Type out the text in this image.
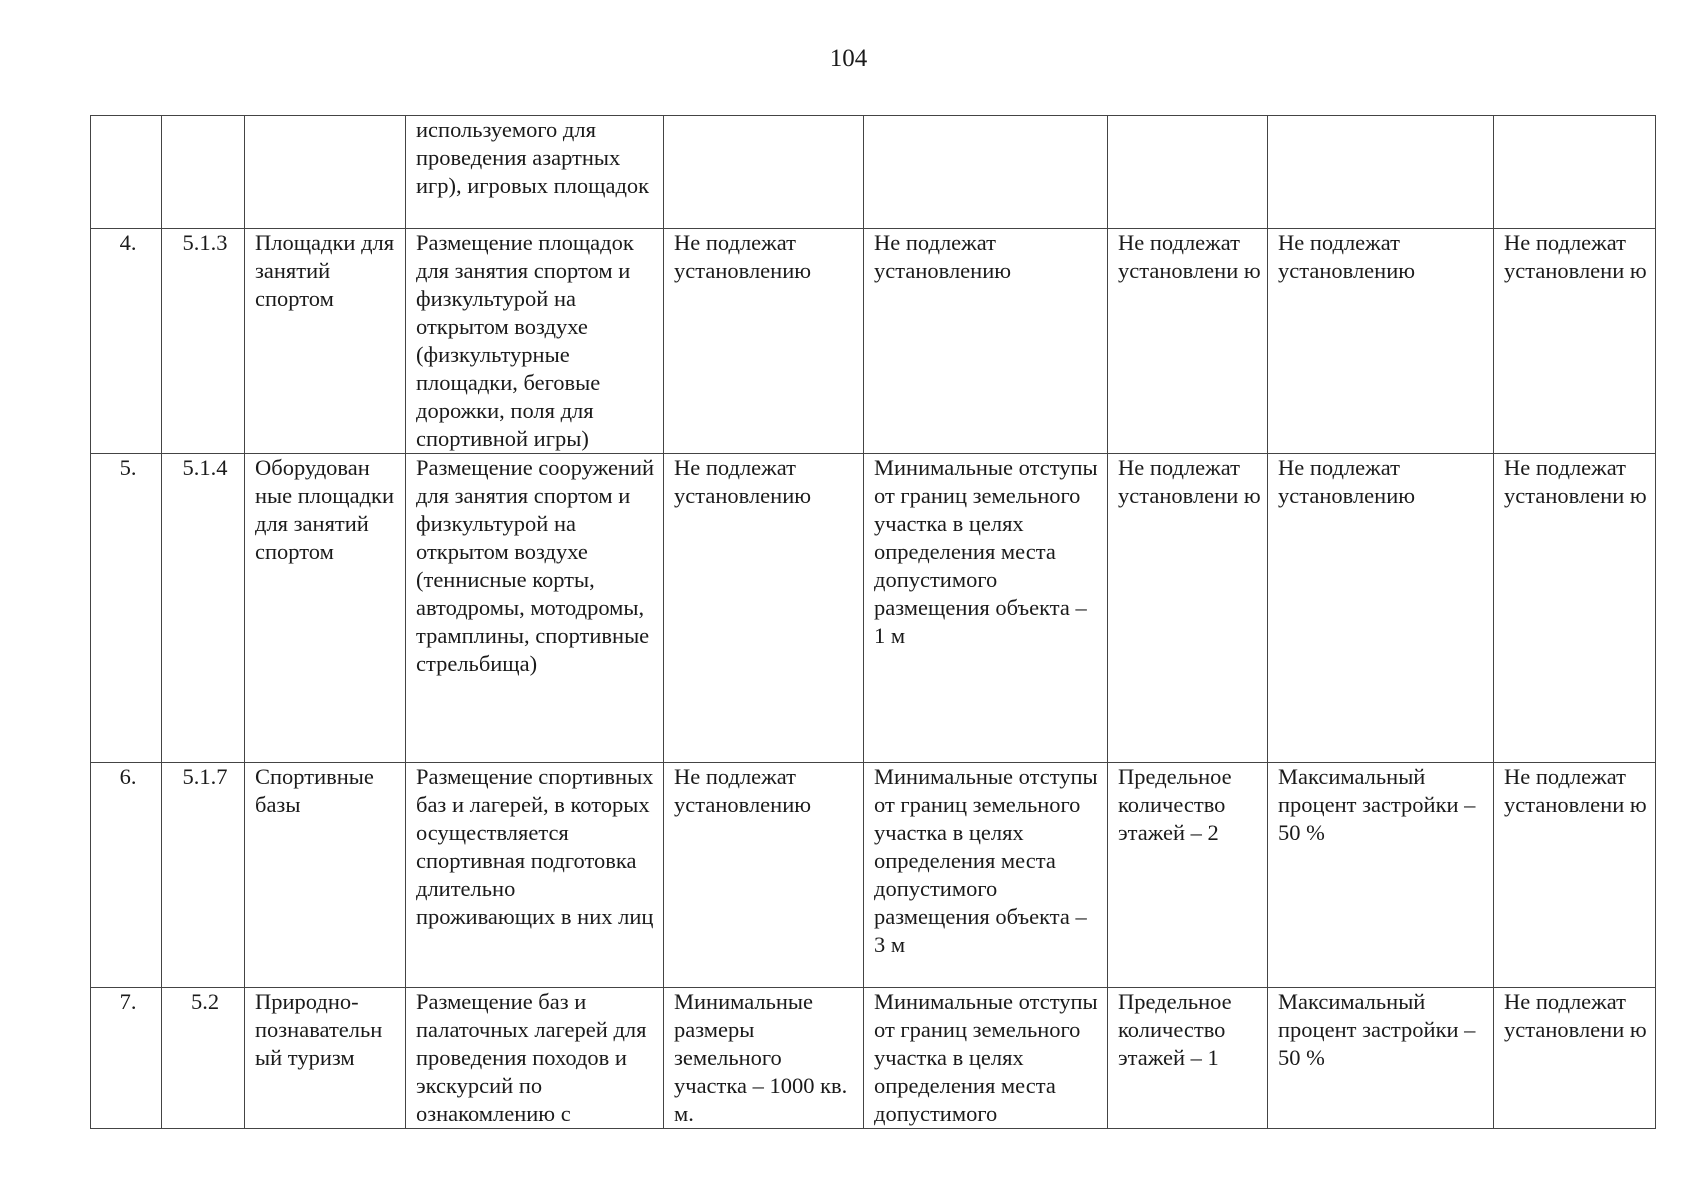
104
			используемого для проведения азартных игр), игровых площадок					
4.	5.1.3	Площадки для занятий спортом	Размещение площадок для занятия спортом и физкультурой на открытом воздухе (физкультурные площадки, беговые дорожки, поля для спортивной игры)	Не подлежат установлению	Не подлежат установлению	Не подлежат установлени ю	Не подлежат установлению	Не подлежат установлени ю
5.	5.1.4	Оборудован ные площадки для занятий спортом	Размещение сооружений для занятия спортом и физкультурой на открытом воздухе (теннисные корты, автодромы, мотодромы, трамплины, спортивные стрельбища)	Не подлежат установлению	Минимальные отступы от границ земельного участка в целях определения места допустимого размещения объекта – 1 м	Не подлежат установлени ю	Не подлежат установлению	Не подлежат установлени ю
6.	5.1.7	Спортивные базы	Размещение спортивных баз и лагерей, в которых осуществляется спортивная подготовка длительно проживающих в них лиц	Не подлежат установлению	Минимальные отступы от границ земельного участка в целях определения места допустимого размещения объекта – 3 м	Предельное количество этажей – 2	Максимальный процент застройки – 50 %	Не подлежат установлени ю
7.	5.2	Природно-познавательн ый туризм	Размещение баз и палаточных лагерей для проведения походов и экскурсий по ознакомлению с	Минимальные размеры земельного участка – 1000 кв. м.	Минимальные отступы от границ земельного участка в целях определения места допустимого	Предельное количество этажей – 1	Максимальный процент застройки – 50 %	Не подлежат установлени ю
